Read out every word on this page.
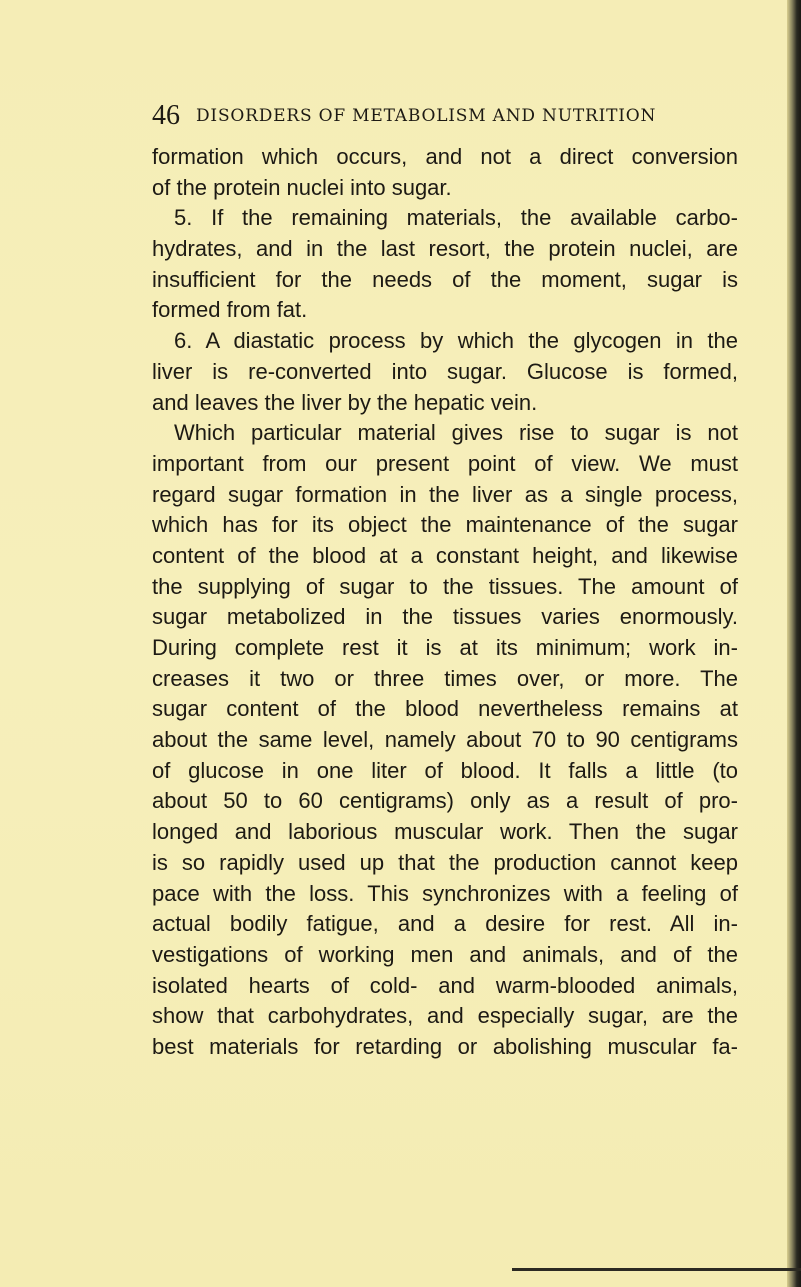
46 DISORDERS OF METABOLISM AND NUTRITION
formation which occurs, and not a direct conversion
of the protein nuclei into sugar.
5. If the remaining materials, the available carbo-
hydrates, and in the last resort, the protein nuclei, are
insufficient for the needs of the moment, sugar is
formed from fat.
6. A diastatic process by which the glycogen in the
liver is re-converted into sugar. Glucose is formed,
and leaves the liver by the hepatic vein.
Which particular material gives rise to sugar is not
important from our present point of view. We must
regard sugar formation in the liver as a single process,
which has for its object the maintenance of the sugar
content of the blood at a constant height, and likewise
the supplying of sugar to the tissues. The amount of
sugar metabolized in the tissues varies enormously.
During complete rest it is at its minimum; work in-
creases it two or three times over, or more. The
sugar content of the blood nevertheless remains at
about the same level, namely about 70 to 90 centigrams
of glucose in one liter of blood. It falls a little (to
about 50 to 60 centigrams) only as a result of pro-
longed and laborious muscular work. Then the sugar
is so rapidly used up that the production cannot keep
pace with the loss. This synchronizes with a feeling of
actual bodily fatigue, and a desire for rest. All in-
vestigations of working men and animals, and of the
isolated hearts of cold- and warm-blooded animals,
show that carbohydrates, and especially sugar, are the
best materials for retarding or abolishing muscular fa-
